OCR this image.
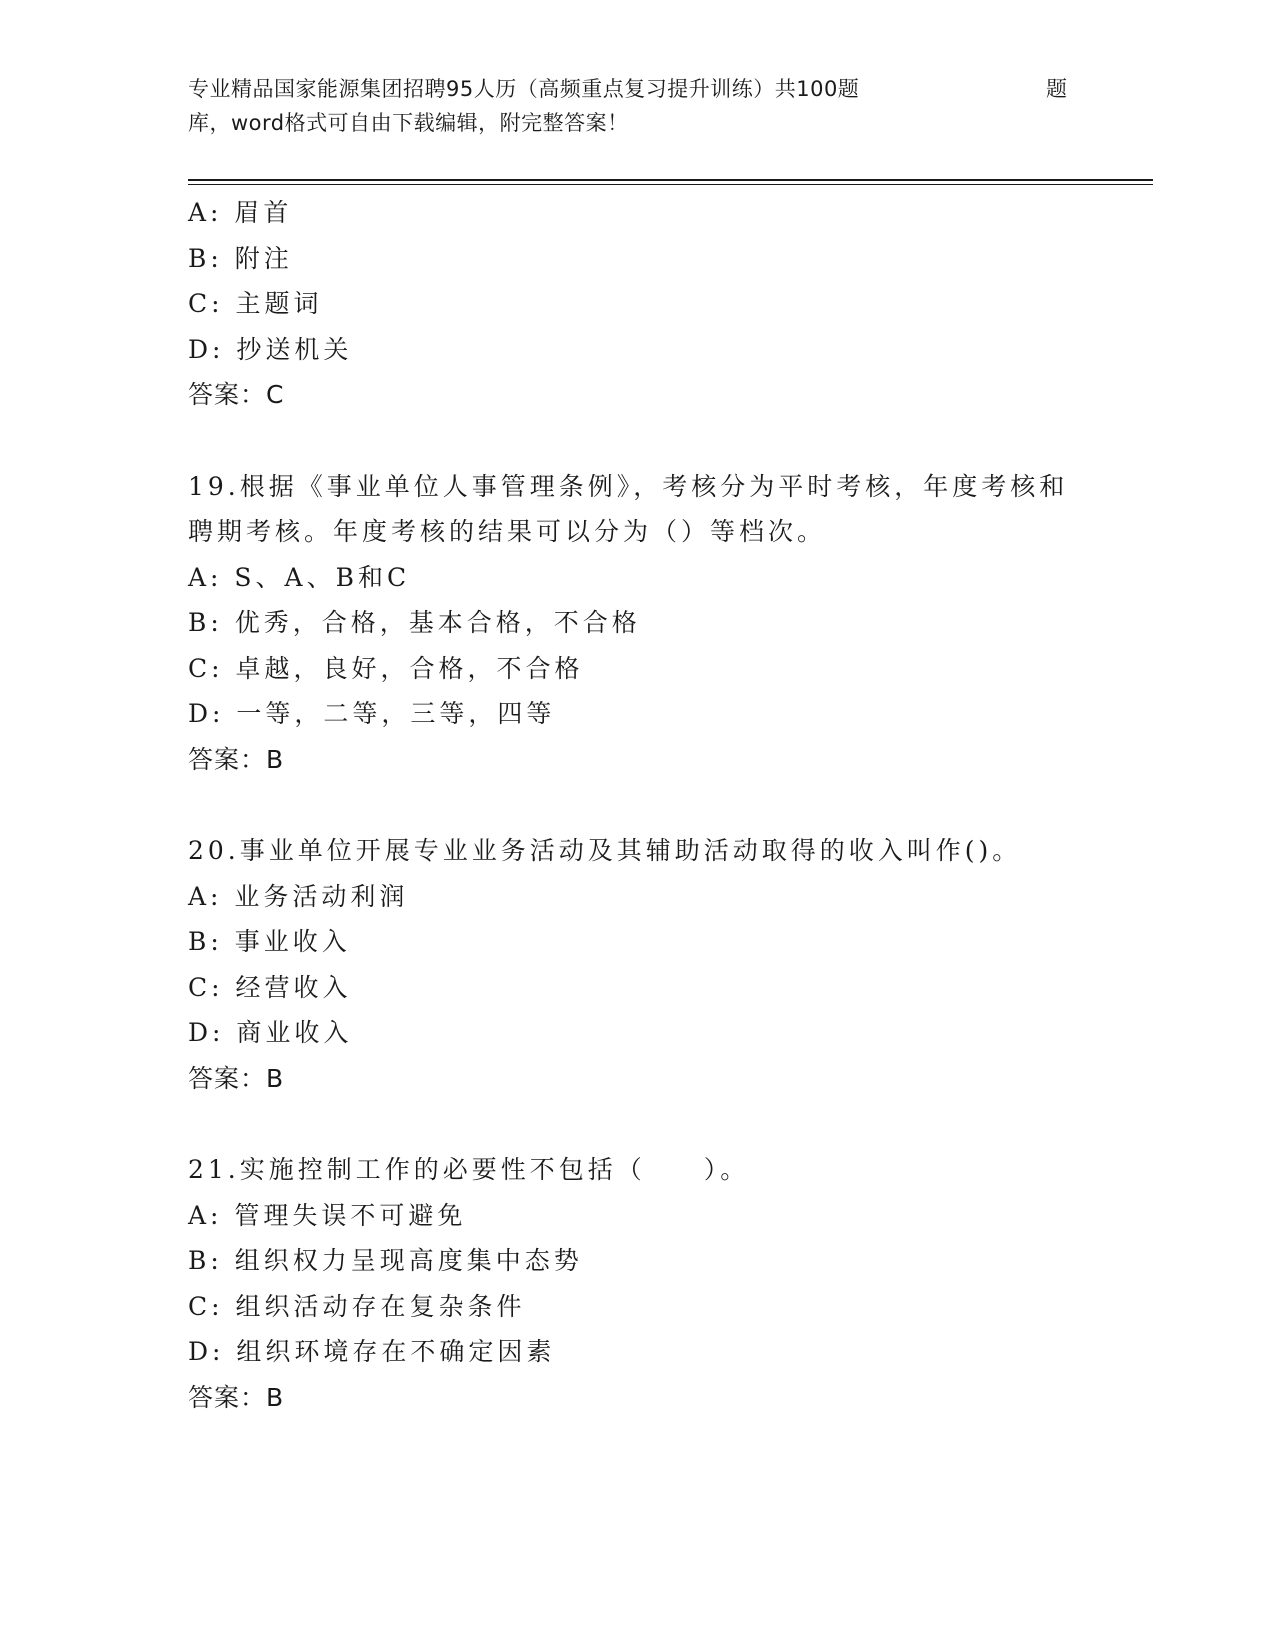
专业精品国家能源集团招聘95人历（高频重点复习提升训练）共100题	题
库，word格式可自由下载编辑，附完整答案！
A: 眉首
B: 附注
C: 主题词
D: 抄送机关
答案：C
19.根据《事业单位人事管理条例》，考核分为平时考核，年度考核和
聘期考核。年度考核的结果可以分为（）等档次。
A: S、A、B和C
B: 优秀，合格，基本合格，不合格
C: 卓越，良好，合格，不合格
D: 一等，二等，三等，四等
答案：B
20.事业单位开展专业业务活动及其辅助活动取得的收入叫作()。
A: 业务活动利润
B: 事业收入
C: 经营收入
D: 商业收入
答案：B
21.实施控制工作的必要性不包括（　　）。
A: 管理失误不可避免
B: 组织权力呈现高度集中态势
C: 组织活动存在复杂条件
D: 组织环境存在不确定因素
答案：B
